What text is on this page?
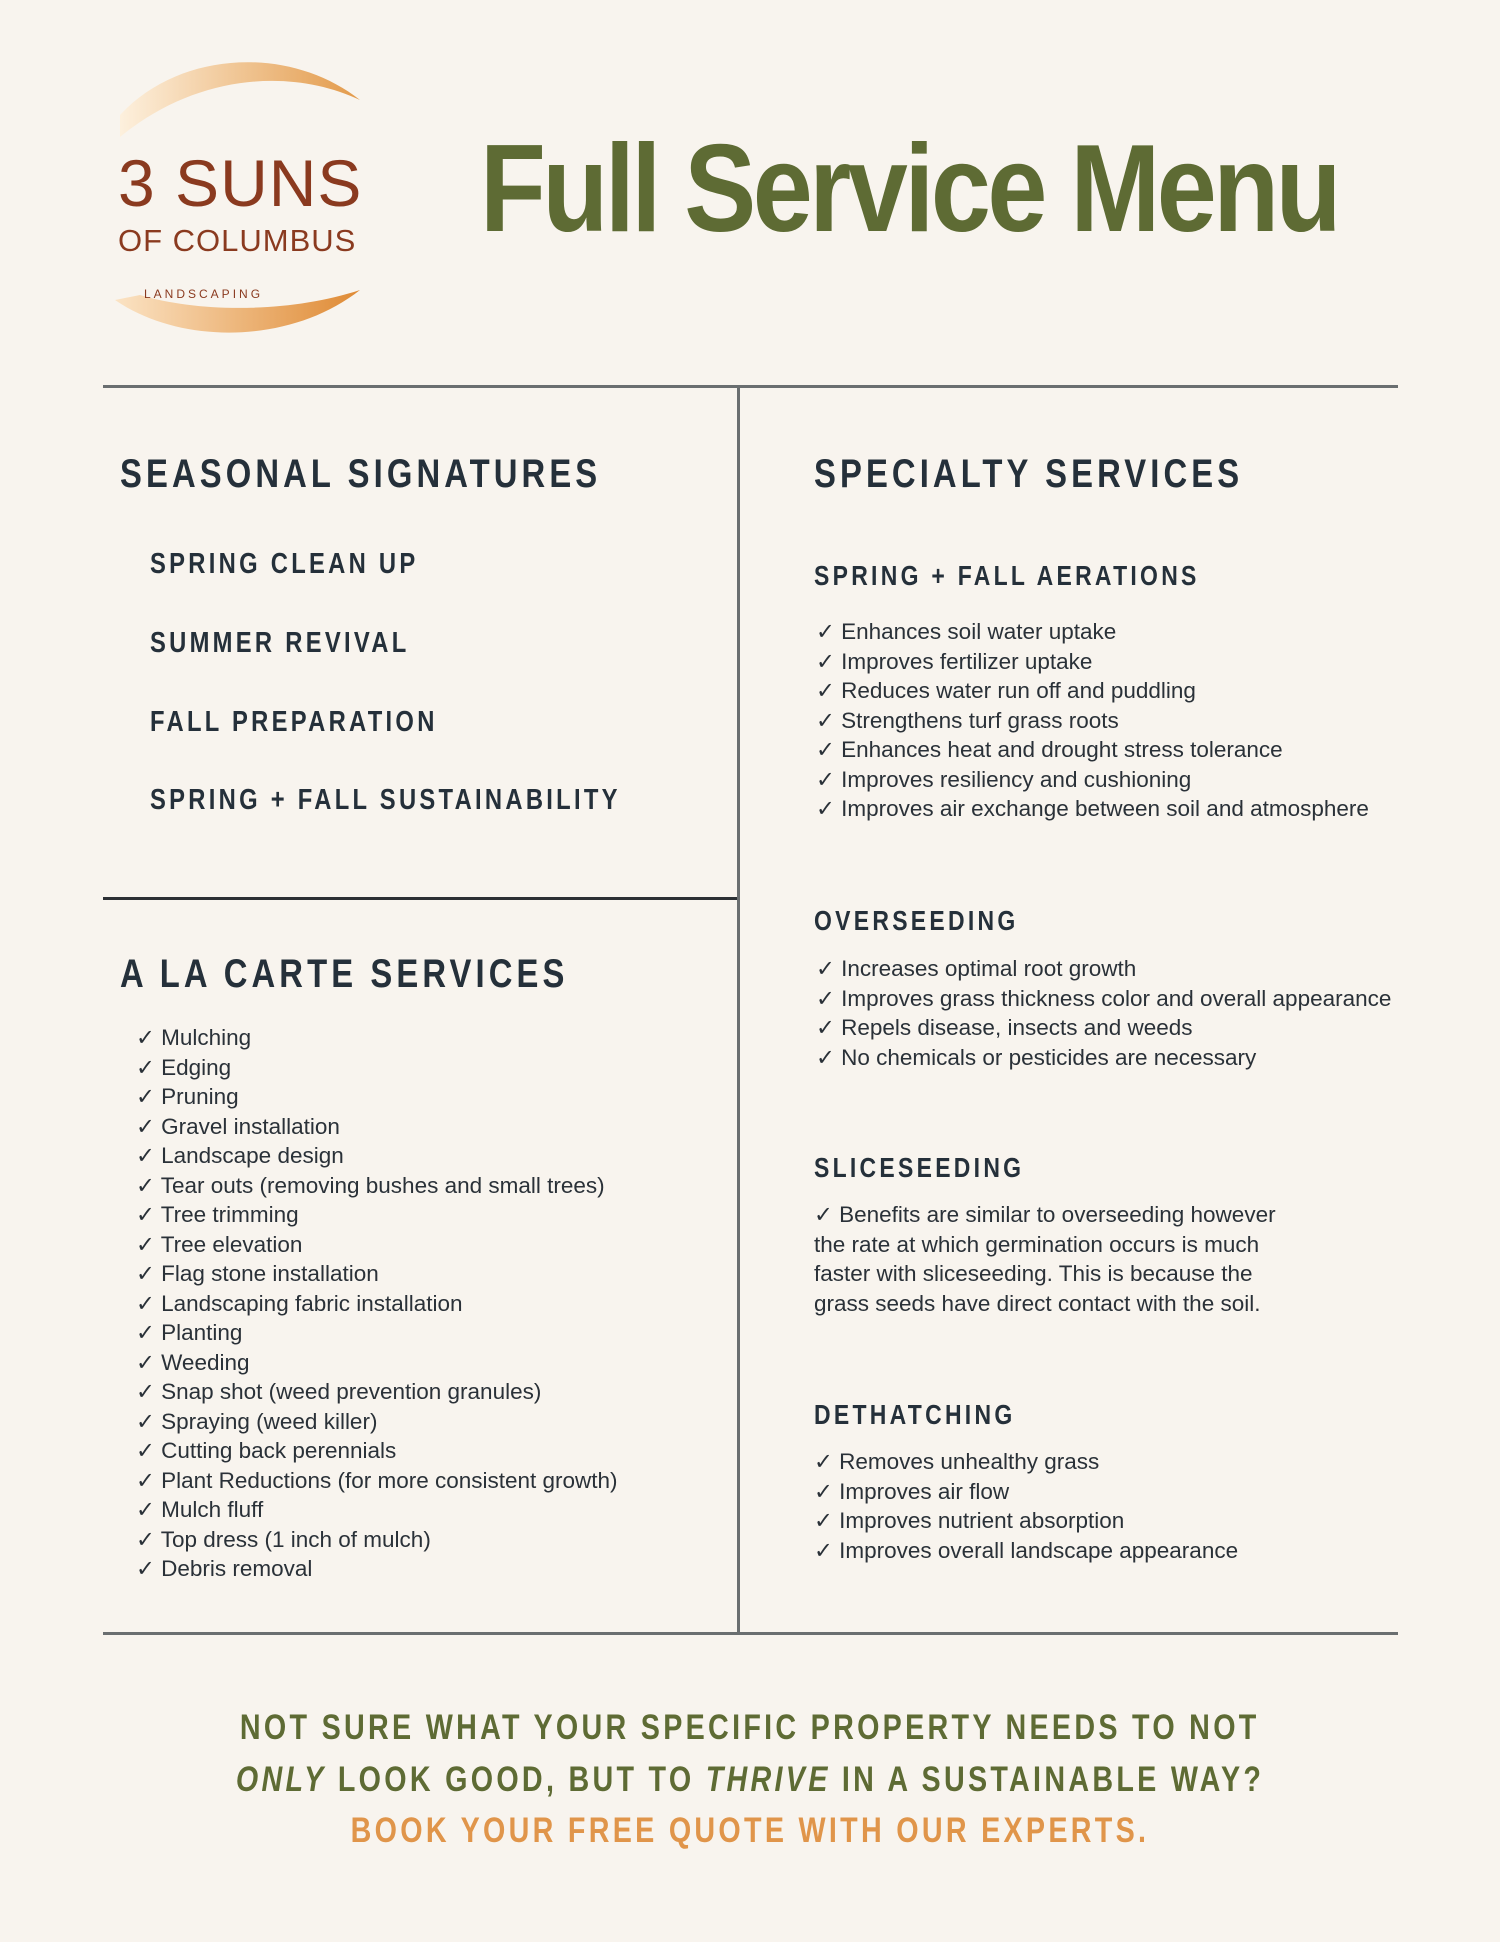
3 SUNS
OF COLUMBUS
LANDSCAPING
Full Service Menu
SEASONAL SIGNATURES
SPRING CLEAN UP
SUMMER REVIVAL
FALL PREPARATION
SPRING + FALL SUSTAINABILITY
A LA CARTE SERVICES
✓ Mulching
✓ Edging
✓ Pruning
✓ Gravel installation
✓ Landscape design
✓ Tear outs (removing bushes and small trees)
✓ Tree trimming
✓ Tree elevation
✓ Flag stone installation
✓ Landscaping fabric installation
✓ Planting
✓ Weeding
✓ Snap shot (weed prevention granules)
✓ Spraying (weed killer)
✓ Cutting back perennials
✓ Plant Reductions (for more consistent growth)
✓ Mulch fluff
✓ Top dress (1 inch of mulch)
✓ Debris removal
SPECIALTY SERVICES
SPRING + FALL AERATIONS
✓ Enhances soil water uptake
✓ Improves fertilizer uptake
✓ Reduces water run off and puddling
✓ Strengthens turf grass roots
✓ Enhances heat and drought stress tolerance
✓ Improves resiliency and cushioning
✓ Improves air exchange between soil and atmosphere
OVERSEEDING
✓ Increases optimal root growth
✓ Improves grass thickness color and overall appearance
✓ Repels disease, insects and weeds
✓ No chemicals or pesticides are necessary
SLICESEEDING
✓ Benefits are similar to overseeding however
the rate at which germination occurs is much
faster with sliceseeding. This is because the
grass seeds have direct contact with the soil.
DETHATCHING
✓ Removes unhealthy grass
✓ Improves air flow
✓ Improves nutrient absorption
✓ Improves overall landscape appearance
NOT SURE WHAT YOUR SPECIFIC PROPERTY NEEDS TO NOT
ONLY LOOK GOOD, BUT TO THRIVE IN A SUSTAINABLE WAY?
BOOK YOUR FREE QUOTE WITH OUR EXPERTS.
